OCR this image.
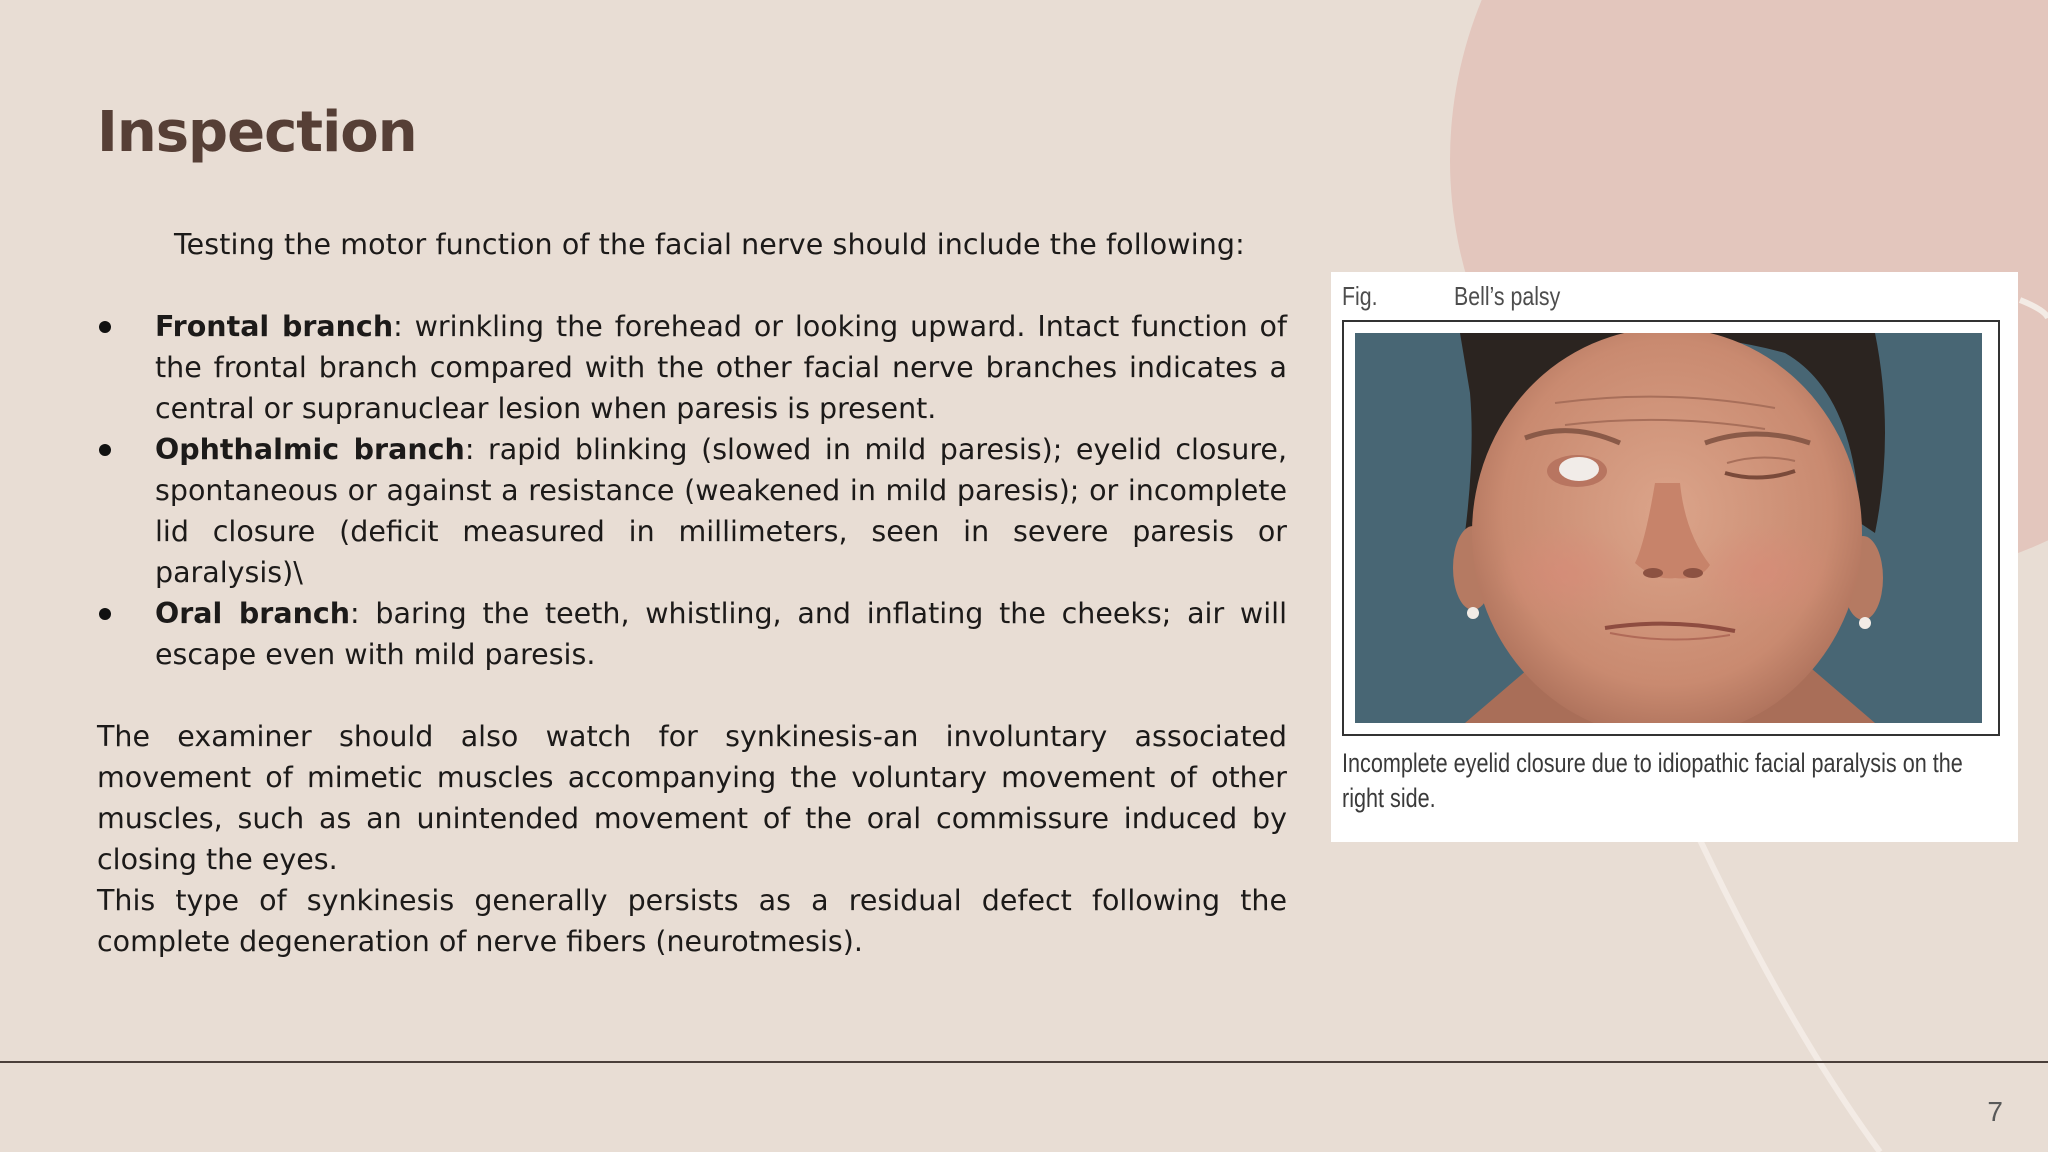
Inspection

Testing the motor function of the facial nerve should include the following:

Frontal branch: wrinkling the forehead or looking upward. Intact function of the frontal branch compared with the other facial nerve branches indicates a central or supranuclear lesion when paresis is present.
Ophthalmic branch: rapid blinking (slowed in mild paresis); eyelid closure, spontaneous or against a resistance (weakened in mild paresis); or incomplete lid closure (deficit measured in millimeters, seen in severe paresis or paralysis)\
Oral branch: baring the teeth, whistling, and inflating the cheeks; air will escape even with mild paresis.

The examiner should also watch for synkinesis-an involuntary associated movement of mimetic muscles accompanying the voluntary movement of other muscles, such as an unintended movement of the oral commissure induced by closing the eyes.

This type of synkinesis generally persists as a residual defect following the complete degeneration of nerve fibers (neurotmesis).

Fig.	Bell’s palsy
Incomplete eyelid closure due to idiopathic facial paralysis on the right side.
7
